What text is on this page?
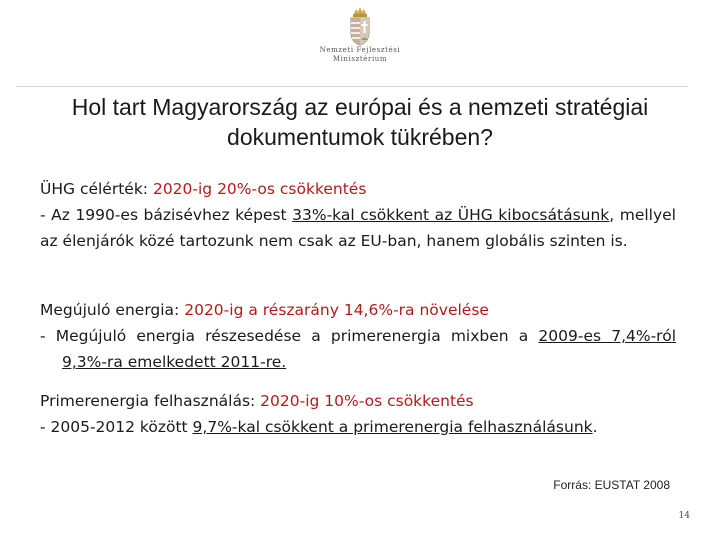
Nemzeti Fejlesztési
Minisztérium
Hol tart Magyarország az európai és a nemzeti stratégiai
dokumentumok tükrében?
ÜHG célérték: 2020-ig 20%-os csökkentés
- Az 1990-es bázisévhez képest 33%-kal csökkent az ÜHG kibocsátásunk, mellyel az élenjárók közé tartozunk nem csak az EU-ban, hanem globális szinten is.
Megújuló energia: 2020-ig a részarány 14,6%-ra növelése
- Megújuló energia részesedése a primerenergia mixben a 2009-es 7,4%-ról 9,3%-ra emelkedett 2011-re.
Primerenergia felhasználás: 2020-ig 10%-os csökkentés
- 2005-2012 között 9,7%-kal csökkent a primerenergia felhasználásunk.
Forrás: EUSTAT 2008
14
